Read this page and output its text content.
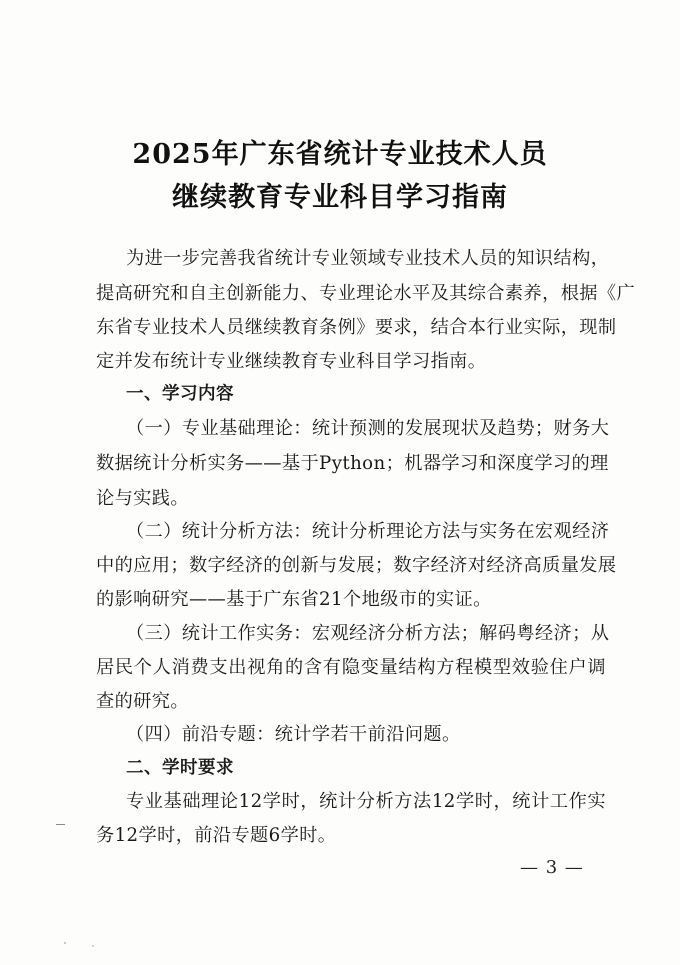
2025年广东省统计专业技术人员
继续教育专业科目学习指南
为进一步完善我省统计专业领域专业技术人员的知识结构，
提高研究和自主创新能力、专业理论水平及其综合素养，根据《广
东省专业技术人员继续教育条例》要求，结合本行业实际，现制
定并发布统计专业继续教育专业科目学习指南。
一、学习内容
（一）专业基础理论：统计预测的发展现状及趋势；财务大
数据统计分析实务——基于Python；机器学习和深度学习的理
论与实践。
（二）统计分析方法：统计分析理论方法与实务在宏观经济
中的应用；数字经济的创新与发展；数字经济对经济高质量发展
的影响研究——基于广东省21个地级市的实证。
（三）统计工作实务：宏观经济分析方法；解码粤经济；从
居民个人消费支出视角的含有隐变量结构方程模型效验住户调
查的研究。
（四）前沿专题：统计学若干前沿问题。
二、学时要求
专业基础理论12学时，统计分析方法12学时，统计工作实
务12学时，前沿专题6学时。
— 3 —
